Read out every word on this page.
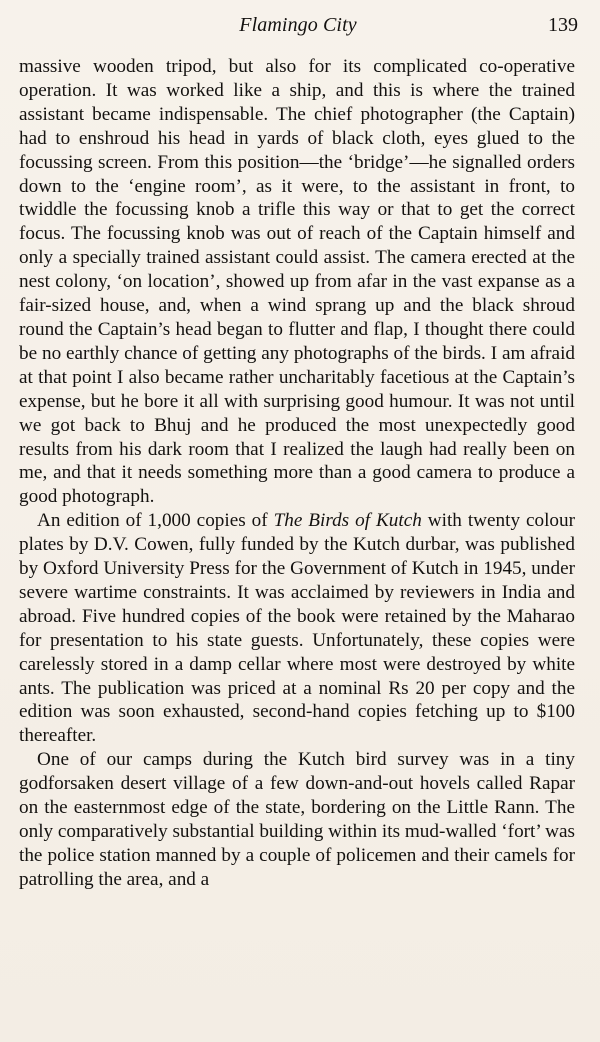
Flamingo City	139

massive wooden tripod, but also for its complicated co-operative operation. It was worked like a ship, and this is where the trained assistant became indispensable. The chief photographer (the Captain) had to enshroud his head in yards of black cloth, eyes glued to the focussing screen. From this position—the ‘bridge’—he signalled orders down to the ‘engine room’, as it were, to the assistant in front, to twiddle the focussing knob a trifle this way or that to get the correct focus. The focussing knob was out of reach of the Captain himself and only a specially trained assistant could assist. The camera erected at the nest colony, ‘on location’, showed up from afar in the vast expanse as a fair-sized house, and, when a wind sprang up and the black shroud round the Captain’s head began to flutter and flap, I thought there could be no earthly chance of getting any photographs of the birds. I am afraid at that point I also became rather uncharitably facetious at the Captain’s expense, but he bore it all with surprising good humour. It was not until we got back to Bhuj and he produced the most unexpectedly good results from his dark room that I realized the laugh had really been on me, and that it needs something more than a good camera to produce a good photograph.

An edition of 1,000 copies of The Birds of Kutch with twenty colour plates by D.V. Cowen, fully funded by the Kutch durbar, was published by Oxford University Press for the Government of Kutch in 1945, under severe wartime constraints. It was acclaimed by reviewers in India and abroad. Five hundred copies of the book were retained by the Maharao for presentation to his state guests. Unfortunately, these copies were carelessly stored in a damp cellar where most were destroyed by white ants. The publication was priced at a nominal Rs 20 per copy and the edition was soon exhausted, second-hand copies fetching up to $100 thereafter.

One of our camps during the Kutch bird survey was in a tiny godforsaken desert village of a few down-and-out hovels called Rapar on the easternmost edge of the state, bordering on the Little Rann. The only comparatively substantial building within its mud-walled ‘fort’ was the police station manned by a couple of policemen and their camels for patrolling the area, and a
